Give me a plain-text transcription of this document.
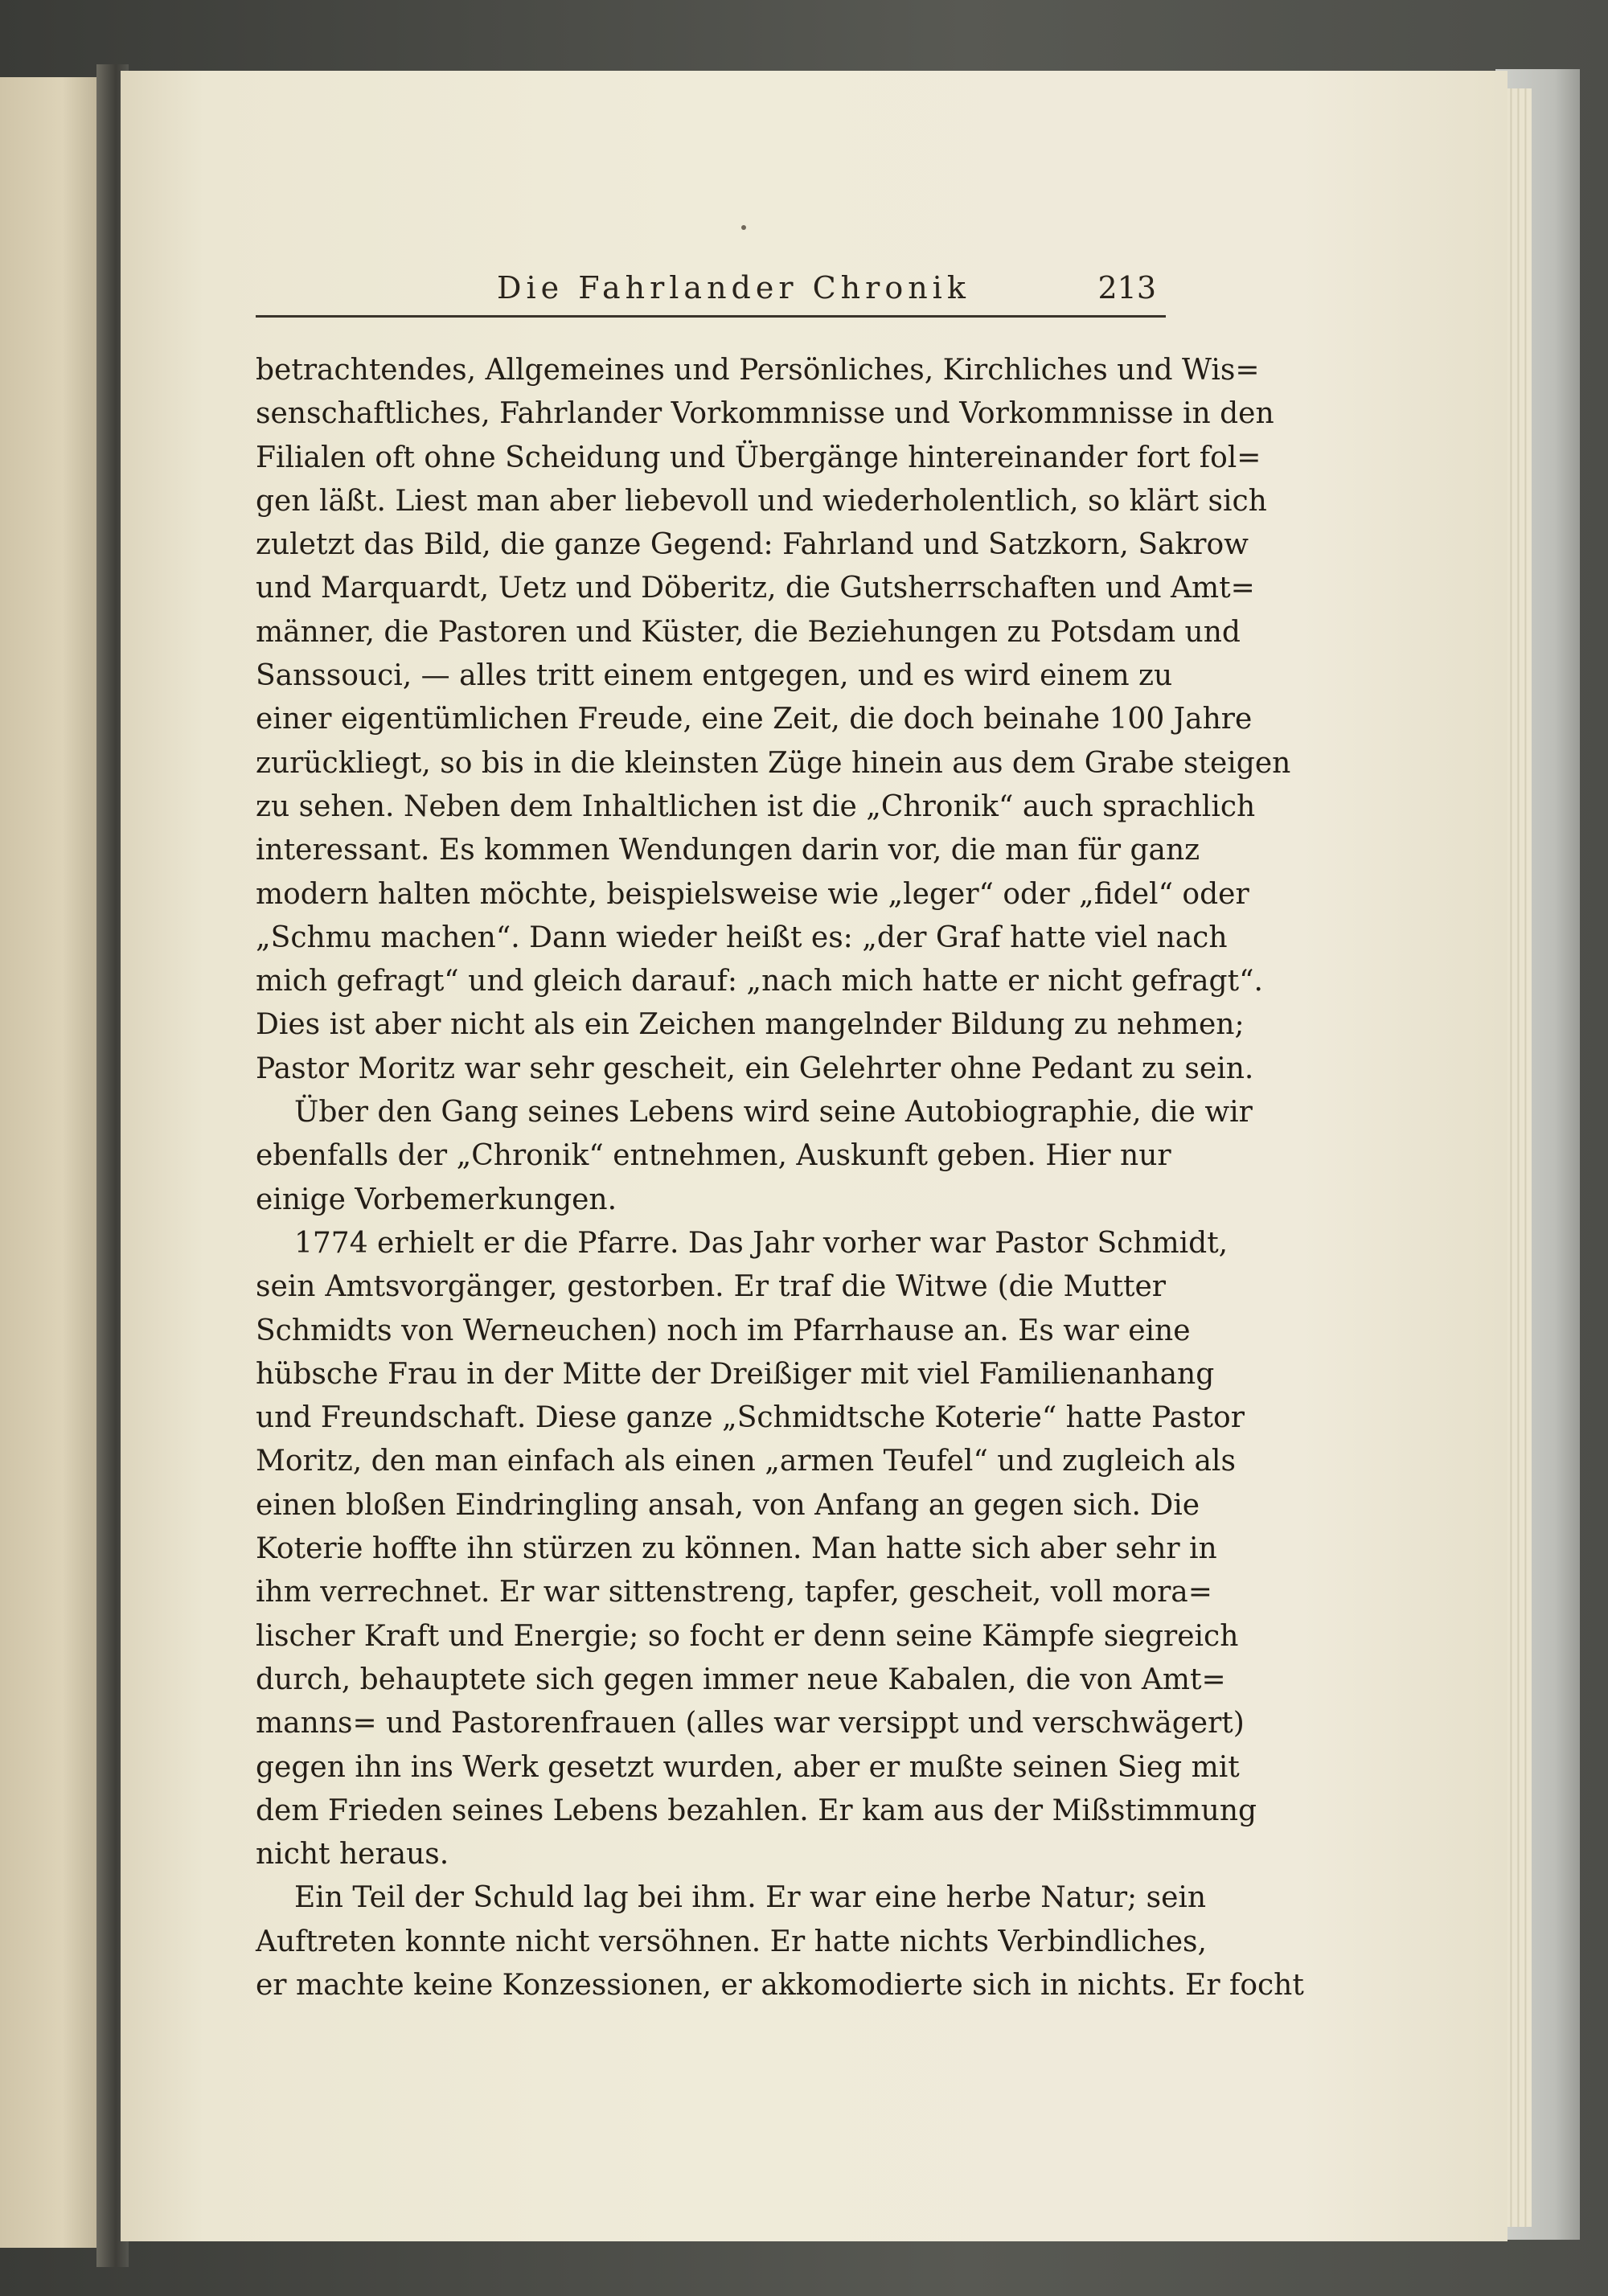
Die Fahrlander Chronik	213

betrachtendes, Allgemeines und Persönliches, Kirchliches und Wis=
senschaftliches, Fahrlander Vorkommnisse und Vorkommnisse in den
Filialen oft ohne Scheidung und Übergänge hintereinander fort fol=
gen läßt. Liest man aber liebevoll und wiederholentlich, so klärt sich
zuletzt das Bild, die ganze Gegend: Fahrland und Satzkorn, Sakrow
und Marquardt, Uetz und Döberitz, die Gutsherrschaften und Amt=
männer, die Pastoren und Küster, die Beziehungen zu Potsdam und
Sanssouci, — alles tritt einem entgegen, und es wird einem zu
einer eigentümlichen Freude, eine Zeit, die doch beinahe 100 Jahre
zurückliegt, so bis in die kleinsten Züge hinein aus dem Grabe steigen
zu sehen. Neben dem Inhaltlichen ist die „Chronik“ auch sprachlich
interessant. Es kommen Wendungen darin vor, die man für ganz
modern halten möchte, beispielsweise wie „leger“ oder „fidel“ oder
„Schmu machen“. Dann wieder heißt es: „der Graf hatte viel nach
mich gefragt“ und gleich darauf: „nach mich hatte er nicht gefragt“.
Dies ist aber nicht als ein Zeichen mangelnder Bildung zu nehmen;
Pastor Moritz war sehr gescheit, ein Gelehrter ohne Pedant zu sein.

Über den Gang seines Lebens wird seine Autobiographie, die wir
ebenfalls der „Chronik“ entnehmen, Auskunft geben. Hier nur
einige Vorbemerkungen.

1774 erhielt er die Pfarre. Das Jahr vorher war Pastor Schmidt,
sein Amtsvorgänger, gestorben. Er traf die Witwe (die Mutter
Schmidts von Werneuchen) noch im Pfarrhause an. Es war eine
hübsche Frau in der Mitte der Dreißiger mit viel Familienanhang
und Freundschaft. Diese ganze „Schmidtsche Koterie“ hatte Pastor
Moritz, den man einfach als einen „armen Teufel“ und zugleich als
einen bloßen Eindringling ansah, von Anfang an gegen sich. Die
Koterie hoffte ihn stürzen zu können. Man hatte sich aber sehr in
ihm verrechnet. Er war sittenstreng, tapfer, gescheit, voll mora=
lischer Kraft und Energie; so focht er denn seine Kämpfe siegreich
durch, behauptete sich gegen immer neue Kabalen, die von Amt=
manns= und Pastorenfrauen (alles war versippt und verschwägert)
gegen ihn ins Werk gesetzt wurden, aber er mußte seinen Sieg mit
dem Frieden seines Lebens bezahlen. Er kam aus der Mißstimmung
nicht heraus.

Ein Teil der Schuld lag bei ihm. Er war eine herbe Natur; sein
Auftreten konnte nicht versöhnen. Er hatte nichts Verbindliches,
er machte keine Konzessionen, er akkomodierte sich in nichts. Er focht
